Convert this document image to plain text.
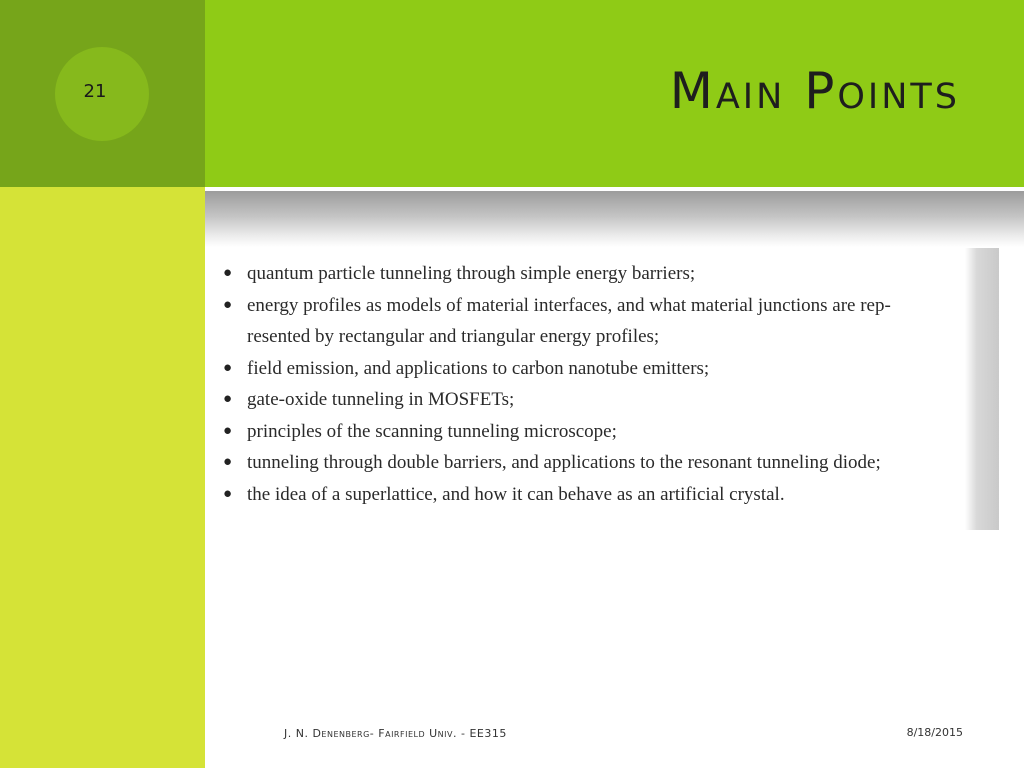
21	Main Points
● quantum particle tunneling through simple energy barriers;
● energy profiles as models of material interfaces, and what material junctions are rep-
resented by rectangular and triangular energy profiles;
● field emission, and applications to carbon nanotube emitters;
● gate-oxide tunneling in MOSFETs;
● principles of the scanning tunneling microscope;
● tunneling through double barriers, and applications to the resonant tunneling diode;
● the idea of a superlattice, and how it can behave as an artificial crystal.
J. N. Denenberg- Fairfield Univ. - EE315	8/18/2015
